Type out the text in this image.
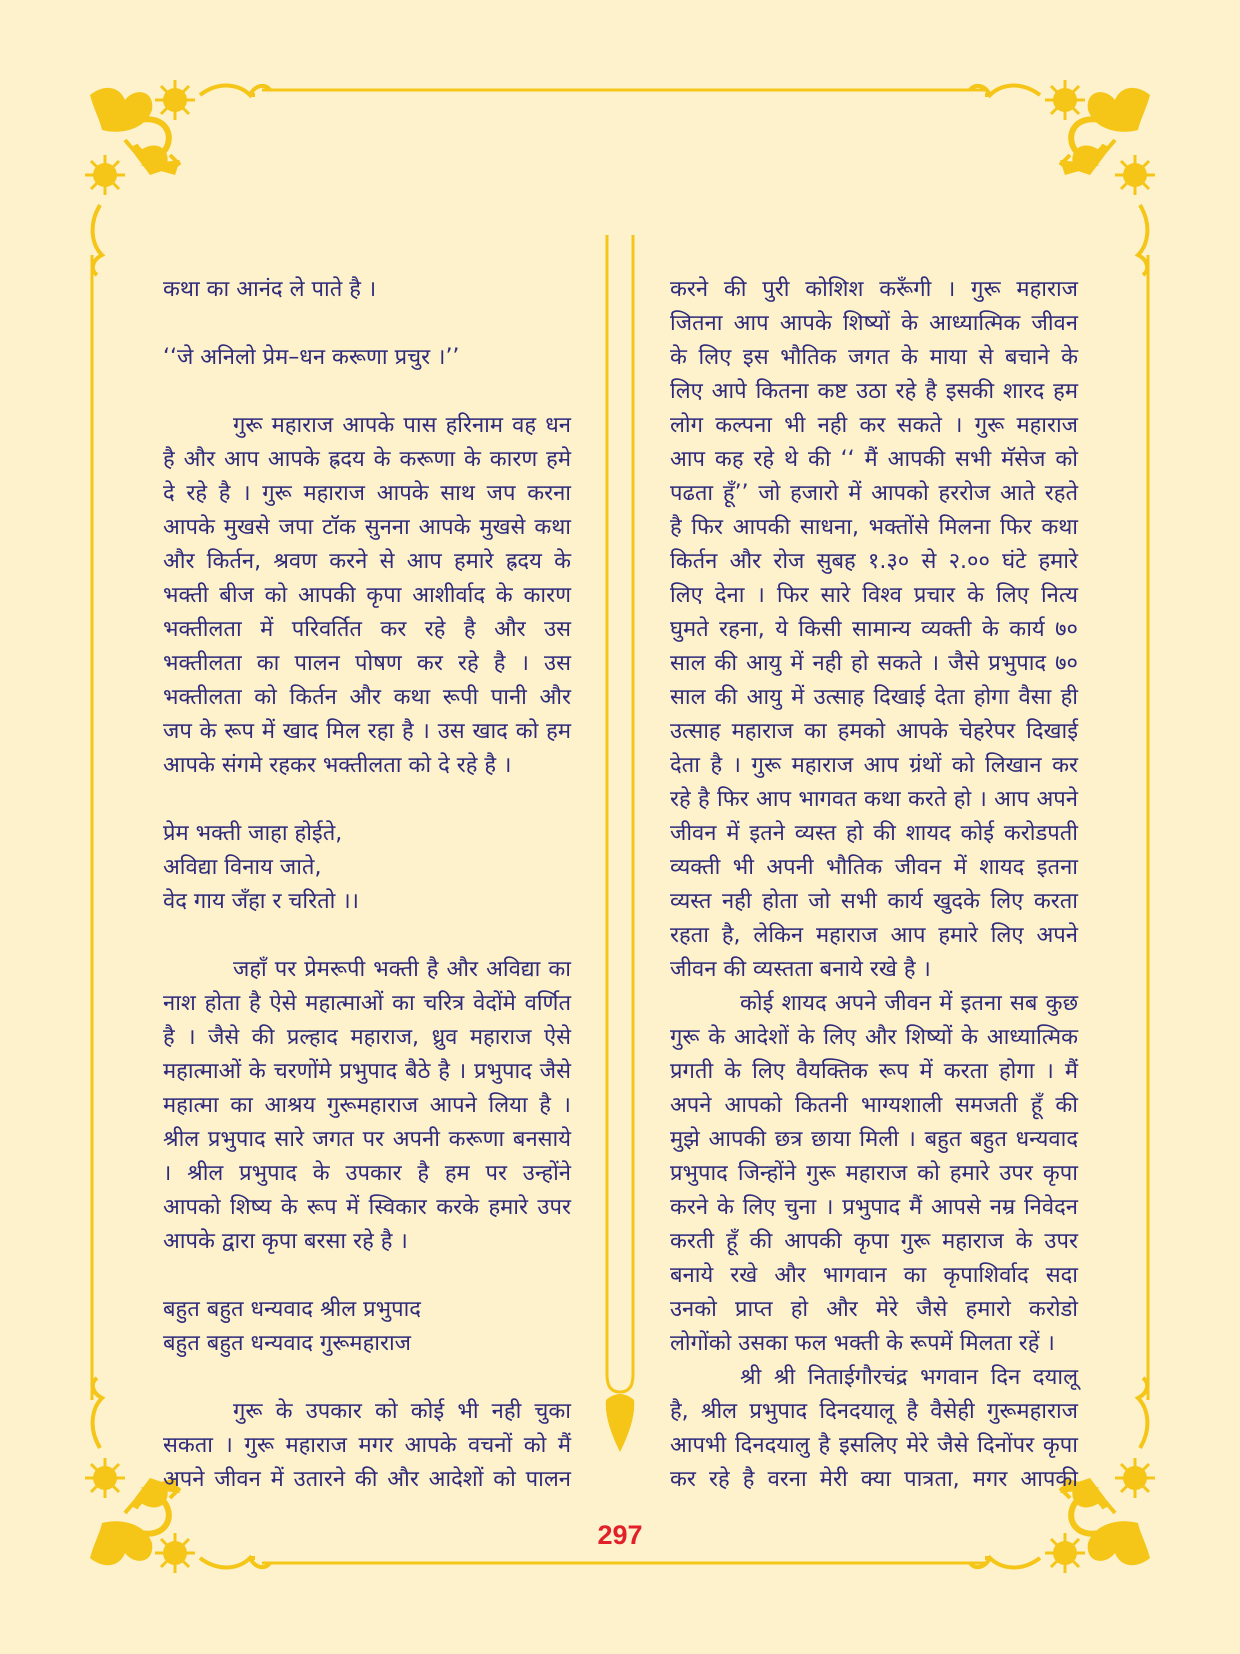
कथा का आनंद ले पाते है ।
‘‘जे अनिलो प्रेम–धन करूणा प्रचुर ।’’
गुरू महाराज आपके पास हरिनाम वह धन
है और आप आपके ह्रदय के करूणा के कारण हमे
दे रहे है । गुरू महाराज आपके साथ जप करना
आपके मुखसे जपा टॉक सुनना आपके मुखसे कथा
और किर्तन, श्रवण करने से आप हमारे ह्रदय के
भक्ती बीज को आपकी कृपा आशीर्वाद के कारण
भक्तीलता में परिवर्तित कर रहे है और उस
भक्तीलता का पालन पोषण कर रहे है । उस
भक्तीलता को किर्तन और कथा रूपी पानी और
जप के रूप में खाद मिल रहा है । उस खाद को हम
आपके संगमे रहकर भक्तीलता को दे रहे है ।
प्रेम भक्ती जाहा होईते,
अविद्या विनाय जाते,
वेद गाय जँहा र चरितो ।।
जहाँ पर प्रेमरूपी भक्ती है और अविद्या का
नाश होता है ऐसे महात्माओं का चरित्र वेदोंमे वर्णित
है । जैसे की प्रल्हाद महाराज, ध्रुव महाराज ऐसे
महात्माओं के चरणोंमे प्रभुपाद बैठे है । प्रभुपाद जैसे
महात्मा का आश्रय गुरूमहाराज आपने लिया है ।
श्रील प्रभुपाद सारे जगत पर अपनी करूणा बनसाये
। श्रील प्रभुपाद के उपकार है हम पर उन्होंने
आपको शिष्य के रूप में स्विकार करके हमारे उपर
आपके द्वारा कृपा बरसा रहे है ।
बहुत बहुत धन्यवाद श्रील प्रभुपाद
बहुत बहुत धन्यवाद गुरूमहाराज
गुरू के उपकार को कोई भी नही चुका
सकता । गुरू महाराज मगर आपके वचनों को मैं
अपने जीवन में उतारने की और आदेशों को पालन
करने की पुरी कोशिश करूँगी । गुरू महाराज
जितना आप आपके शिष्यों के आध्यात्मिक जीवन
के लिए इस भौतिक जगत के माया से बचाने के
लिए आपे कितना कष्ट उठा रहे है इसकी शारद हम
लोग कल्पना भी नही कर सकते । गुरू महाराज
आप कह रहे थे की ‘‘ मैं आपकी सभी मॅसेज को
पढता हूँ’’ जो हजारो में आपको हररोज आते रहते
है फिर आपकी साधना, भक्तोंसे मिलना फिर कथा
किर्तन और रोज सुबह १.३० से २.०० घंटे हमारे
लिए देना । फिर सारे विश्व प्रचार के लिए नित्य
घुमते रहना, ये किसी सामान्य व्यक्ती के कार्य ७०
साल की आयु में नही हो सकते । जैसे प्रभुपाद ७०
साल की आयु में उत्साह दिखाई देता होगा वैसा ही
उत्साह महाराज का हमको आपके चेहरेपर दिखाई
देता है । गुरू महाराज आप ग्रंथों को लिखान कर
रहे है फिर आप भागवत कथा करते हो । आप अपने
जीवन में इतने व्यस्त हो की शायद कोई करोडपती
व्यक्ती भी अपनी भौतिक जीवन में शायद इतना
व्यस्त नही होता जो सभी कार्य खुदके लिए करता
रहता है, लेकिन महाराज आप हमारे लिए अपने
जीवन की व्यस्तता बनाये रखे है ।
कोई शायद अपने जीवन में इतना सब कुछ
गुरू के आदेशों के लिए और शिष्यों के आध्यात्मिक
प्रगती के लिए वैयक्तिक रूप में करता होगा । मैं
अपने आपको कितनी भाग्यशाली समजती हूँ की
मुझे आपकी छत्र छाया मिली । बहुत बहुत धन्यवाद
प्रभुपाद जिन्होंने गुरू महाराज को हमारे उपर कृपा
करने के लिए चुना । प्रभुपाद मैं आपसे नम्र निवेदन
करती हूँ की आपकी कृपा गुरू महाराज के उपर
बनाये रखे और भागवान का कृपाशिर्वाद सदा
उनको प्राप्त हो और मेरे जैसे हमारो करोडो
लोगोंको उसका फल भक्ती के रूपमें मिलता रहें ।
श्री श्री निताईगौरचंद्र भगवान दिन दयालू
है, श्रील प्रभुपाद दिनदयालू है वैसेही गुरूमहाराज
आपभी दिनदयालु है इसलिए मेरे जैसे दिनोंपर कृपा
कर रहे है वरना मेरी क्या पात्रता, मगर आपकी
297
